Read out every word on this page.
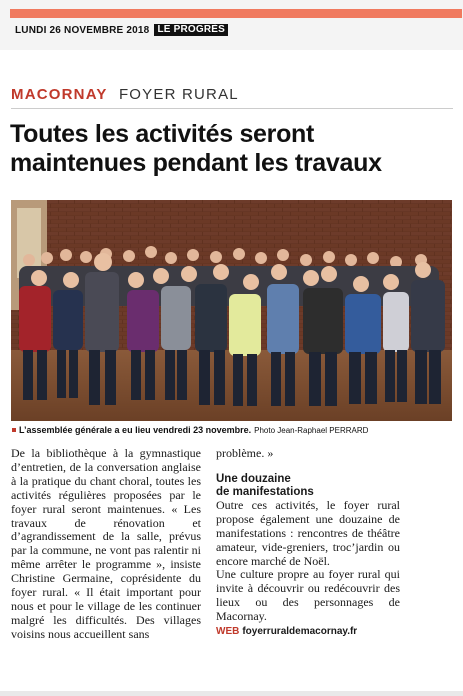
LUNDI 26 NOVEMBRE 2018 LE PROGRÈS
MACORNAY FOYER RURAL
Toutes les activités seront maintenues pendant les travaux
L’assemblée générale a eu lieu vendredi 23 novembre. Photo Jean-Raphael PERRARD

De la bibliothèque à la gymnastique d’entretien, de la conversation anglaise à la pratique du chant choral, toutes les activités régulières proposées par le foyer rural seront maintenues. « Les travaux de rénovation et d’agrandissement de la salle, prévus par la commune, ne vont pas ralentir ni même arrêter le programme », insiste Christine Germaine, coprésidente du foyer rural. « Il était important pour nous et pour le village de les continuer malgré les difficultés. Des villages voisins nous accueillent sans

problème. »

Une douzaine
de manifestations

Outre ces activités, le foyer rural propose également une douzaine de manifestations : rencontres de théâtre amateur, vide-greniers, troc’jardin ou encore marché de Noël.

Une culture propre au foyer rural qui invite à découvrir ou redécouvrir des lieux ou des personnages de Macornay.

WEB foyerruraldemacornay.fr
